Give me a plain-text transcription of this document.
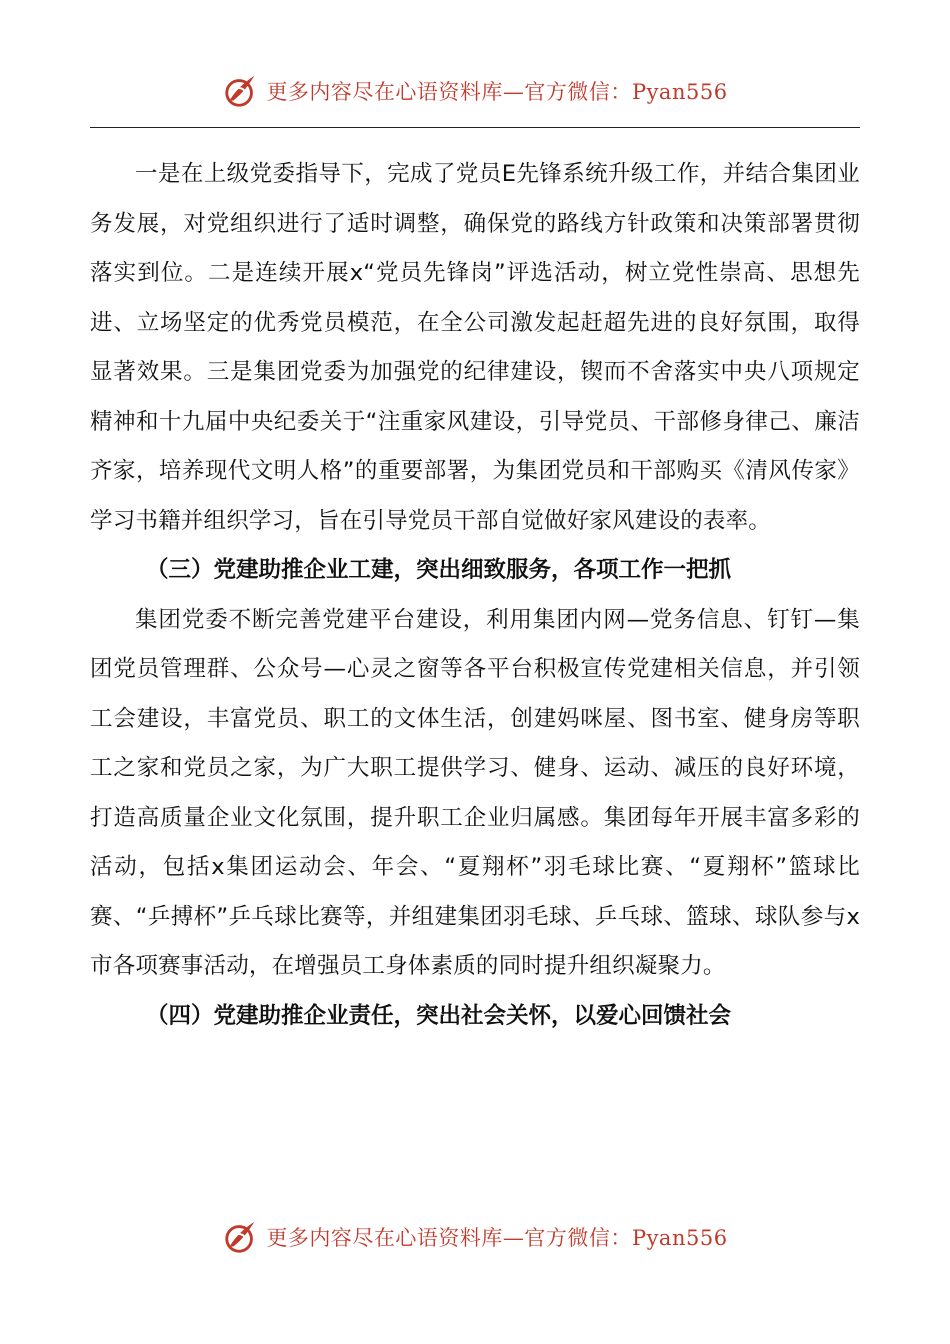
更多内容尽在心语资料库—官方微信：Pyan556

一是在上级党委指导下，完成了党员E先锋系统升级工作，并结合集团业务发展，对党组织进行了适时调整，确保党的路线方针政策和决策部署贯彻落实到位。二是连续开展x“党员先锋岗”评选活动，树立党性崇高、思想先进、立场坚定的优秀党员模范，在全公司激发起赶超先进的良好氛围，取得显著效果。三是集团党委为加强党的纪律建设，锲而不舍落实中央八项规定精神和十九届中央纪委关于“注重家风建设，引导党员、干部修身律己、廉洁齐家，培养现代文明人格”的重要部署，为集团党员和干部购买《清风传家》学习书籍并组织学习，旨在引导党员干部自觉做好家风建设的表率。

（三）党建助推企业工建，突出细致服务，各项工作一把抓

集团党委不断完善党建平台建设，利用集团内网—党务信息、钉钉—集团党员管理群、公众号—心灵之窗等各平台积极宣传党建相关信息，并引领工会建设，丰富党员、职工的文体生活，创建妈咪屋、图书室、健身房等职工之家和党员之家，为广大职工提供学习、健身、运动、减压的良好环境，打造高质量企业文化氛围，提升职工企业归属感。集团每年开展丰富多彩的活动，包括x集团运动会、年会、“夏翔杯”羽毛球比赛、“夏翔杯”篮球比赛、“乒搏杯”乒乓球比赛等，并组建集团羽毛球、乒乓球、篮球、球队参与x市各项赛事活动，在增强员工身体素质的同时提升组织凝聚力。

（四）党建助推企业责任，突出社会关怀，以爱心回馈社会

更多内容尽在心语资料库—官方微信：Pyan556
